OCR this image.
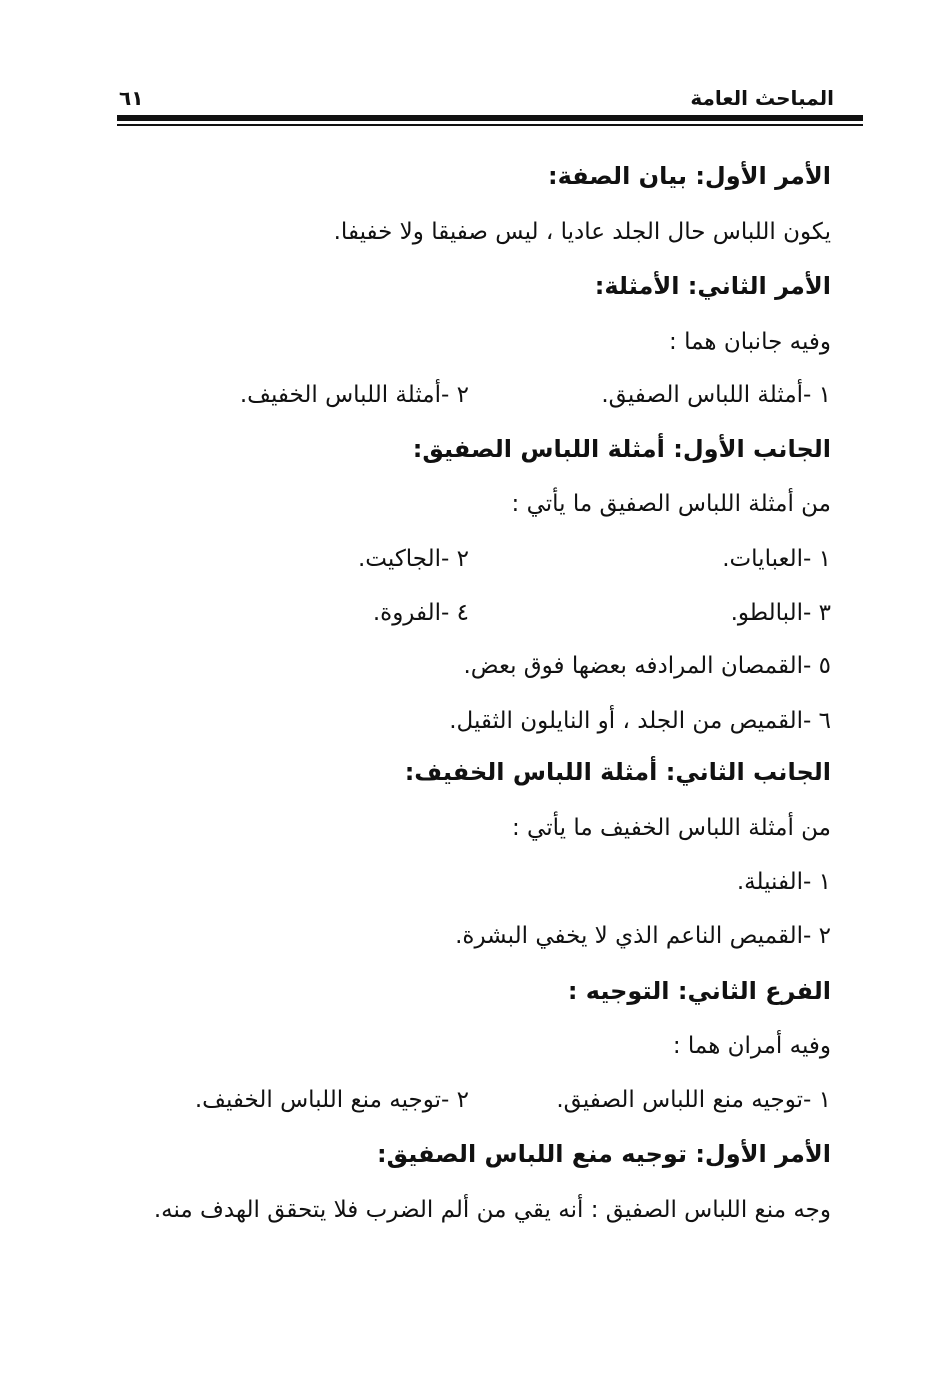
المباحث العامة
٦١
الأمر الأول: بيان الصفة:
يكون اللباس حال الجلد عاديا ، ليس صفيقا ولا خفيفا.
الأمر الثاني: الأمثلة:
وفيه جانبان هما :
١ -أمثلة اللباس الصفيق.
٢ -أمثلة اللباس الخفيف.
الجانب الأول: أمثلة اللباس الصفيق:
من أمثلة اللباس الصفيق ما يأتي :
١ -العبايات.
٢ -الجاكيت.
٣ -البالطو.
٤ -الفروة.
٥ -القمصان المرادفه بعضها فوق بعض.
٦ -القميص من الجلد ، أو النايلون الثقيل.
الجانب الثاني: أمثلة اللباس الخفيف:
من أمثلة اللباس الخفيف ما يأتي :
١ -الفنيلة.
٢ -القميص الناعم الذي لا يخفي البشرة.
الفرع الثاني: التوجيه :
وفيه أمران هما :
١ -توجيه منع اللباس الصفيق.
٢ -توجيه منع اللباس الخفيف.
الأمر الأول: توجيه منع اللباس الصفيق:
وجه منع اللباس الصفيق : أنه يقي من ألم الضرب فلا يتحقق الهدف منه.
